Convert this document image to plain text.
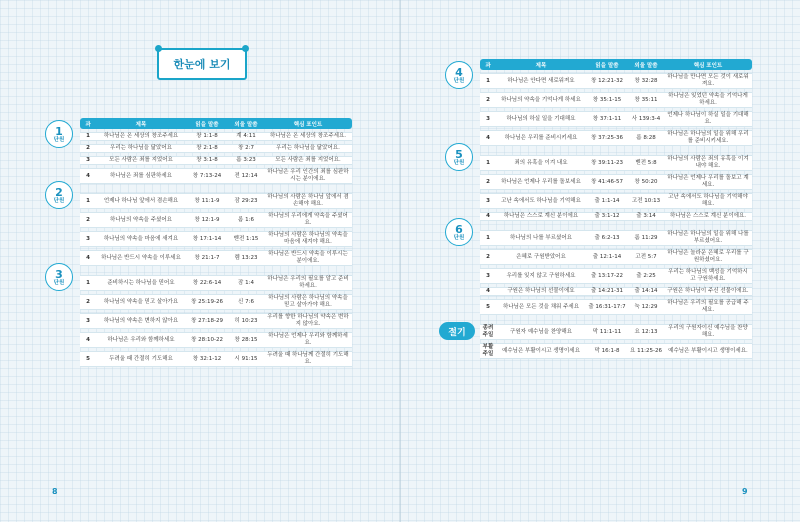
한눈에 보기
과	제목	읽을 말씀	외울 말씀	핵심 포인트
1	하나님은 온 세상의 창조주세요	창 1:1-8	계 4:11	하나님은 온 세상의 창조주세요.
2	우리는 하나님을 닮았어요	창 2:1-8	창 2:7	우리는 하나님을 닮았어요.
3	모든 사람은 죄를 지었어요	창 3:1-8	롬 3:23	모든 사람은 죄를 지었어요.
4	하나님은 죄를 심판하세요	창 7:13-24	전 12:14	하나님은 우리 인간의 죄를 심판하시는 분이에요.

1	언제나 하나님 앞에서 겸손해요	창 11:1-9	잠 29:23	하나님의 사람은 하나님 앞에서 겸손해야 해요.
2	하나님의 약속을 주셨어요	창 12:1-9	롬 1:6	하나님의 우리에게 약속을 주셨어요.
3	하나님의 약속을 마음에 새겨요	창 17:1-14	벧전 1:15	하나님의 사람은 하나님의 약속을 마음에 새겨야 해요.
4	하나님은 반드시 약속을 이루세요	창 21:1-7	렘 13:23	하나님은 반드시 약속을 이루시는 분이에요.

1	준비하시는 하나님을 믿어요	창 22:6-14	잠 1:4	하나님은 우리의 필요를 알고 준비하세요.
2	하나님의 약속을 믿고 살아가요	창 25:19-26	신 7:6	하나님의 사람은 하나님의 약속을 믿고 살아가야 해요.
3	하나님의 약속은 변하지 않아요	창 27:18-29	히 10:23	우리를 향한 하나님의 약속은 변하지 않아요.
4	하나님은 우리와 함께하세요	창 28:10-22	창 28:15	하나님은 언제나 우리와 함께하세요.
5	두려울 때 간절히 기도해요	창 32:1-12	시 91:15	두려울 때 하나님께 간절히 기도해요.
8
1
단원
2
단원
3
단원
과	제목	읽을 말씀	외울 말씀	핵심 포인트
1	하나님은 안다면 새로워져요	창 12:21-32	창 32:28	하나님을 만나면 모든 것이 새로워져요.
2	하나님의 약속을 기억나게 하세요	창 35:1-15	창 35:11	하나님은 잊었던 약속을 기억나게 하세요.
3	하나님의 하실 일을 기대해요	창 37:1-11	사 139:3-4	언제나 하나님이 하실 일을 기대해요.
4	하나님은 우리를 준비시키세요	창 37:25-36	롬 8:28	하나님은 하나님의 일을 위해 우리를 준비시키세요.

1	죄의 유혹을 이겨 내요	창 39:11-23	벧전 5:8	하나님의 사람은 죄의 유혹을 이겨 내야 해요.
2	하나님은 언제나 우리를 돌보세요	창 41:46-57	창 50:20	하나님은 언제나 우리를 돌보고 계세요.
3	고난 속에서도 하나님을 기억해요	출 1:1-14	고전 10:13	고난 속에서도 하나님을 기억해야 해요.
4	하나님은 스스로 계신 분이에요	출 3:1-12	출 3:14	하나님은 스스로 계신 분이에요.

1	하나님의 나를 부르셨어요	출 6:2-13	롬 11:29	하나님은 하나님의 일을 위해 나를 부르셨어요.
2	은혜로 구원받았어요	출 12:1-14	고전 5:7	하나님은 놀라운 은혜로 우리를 구원하셨어요.
3	우리를 잊지 않고 구원하세요	출 13:17-22	출 2:25	우리는 하나님의 백성을 기억하시고 구원하세요.
4	구원은 하나님의 선물이에요	출 14:21-31	출 14:14	구원은 하나님이 주신 선물이에요.
5	하나님은 모든 것을 채워 주세요	출 16:31-17:7	눅 12:29	하나님은 우리의 필요를 공급해 주세요.

종려
주일	구원자 예수님을 찬양해요	막 11:1-11	요 12:13	우리의 구원자이신 예수님을 찬양해요.
부활
주일	예수님은 부활이시고 생명이세요	막 16:1-8	요 11:25-26	예수님은 부활이시고 생명이세요.
9
4
단원
5
단원
6
단원
절기
